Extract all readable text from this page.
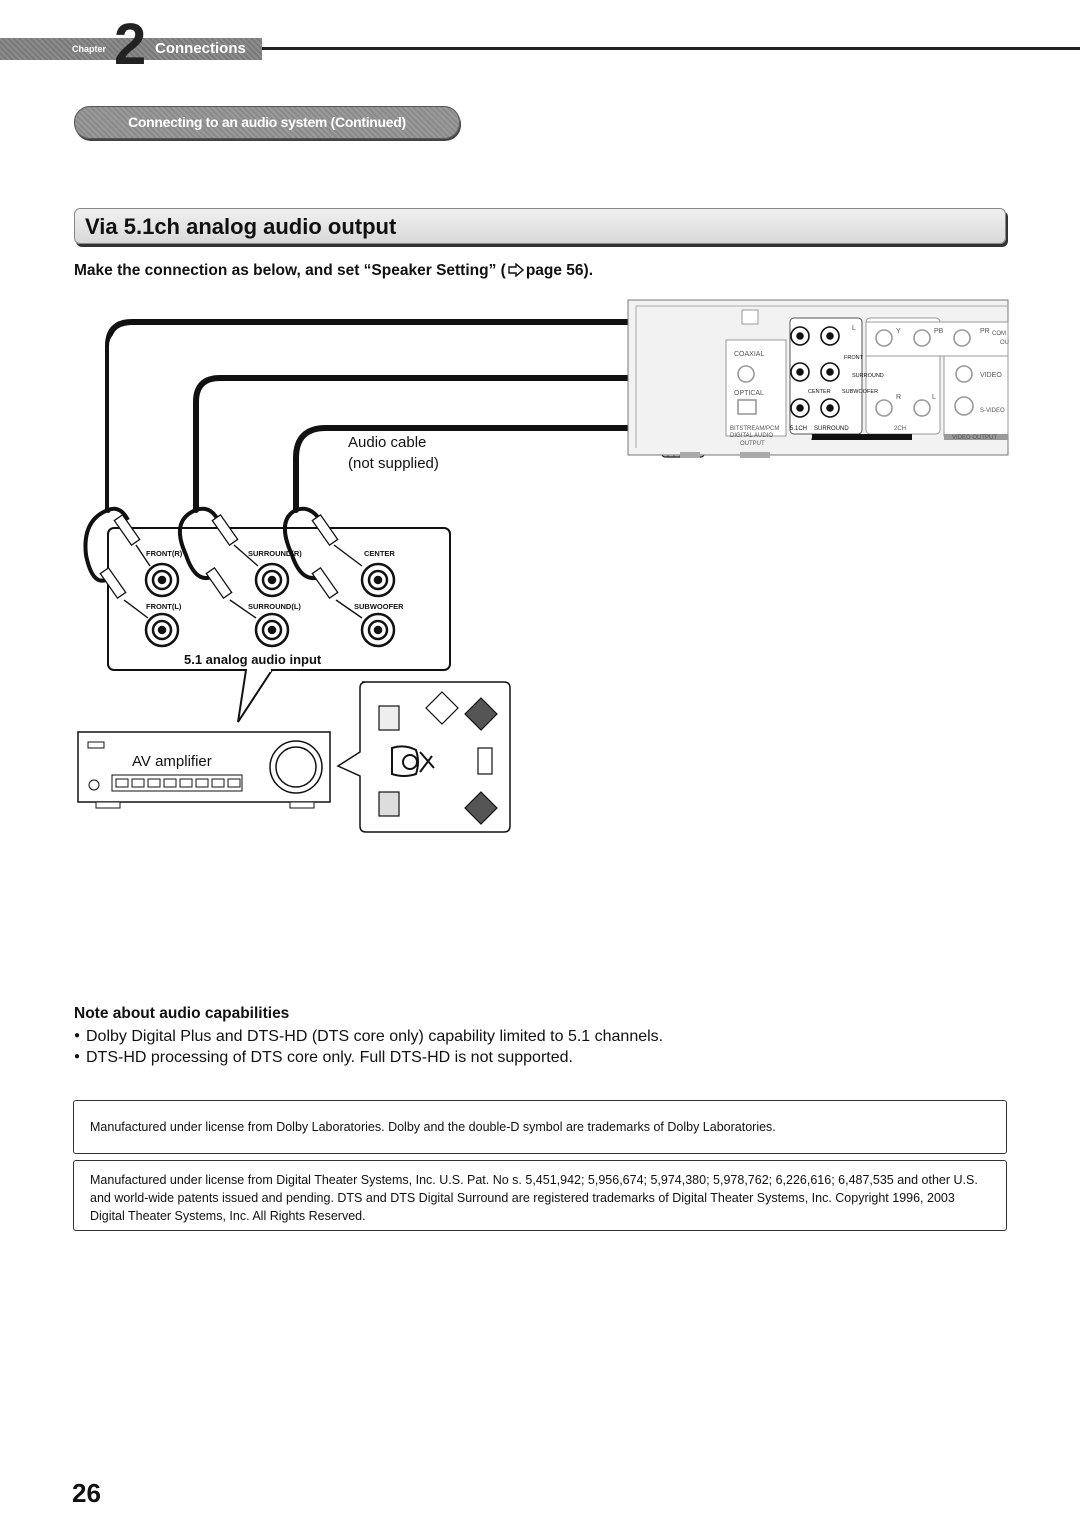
Chapter 2 Connections
Connecting to an audio system (Continued)
Via 5.1ch analog audio output
Make the connection as below, and set “Speaker Setting” ( page 56).
L	Y	PB	PR COM
OU
COAXIAL	FRONT
SURROUND	VIDEO
OPTICAL	CENTER SUBWOOFER
R	L
S-VIDEO
BITSTREAM/PCM
DIGITAL AUDIO
OUTPUT
5.1CH SURROUND	2CH
ANALOG AUDIO OUTPUT	VIDEO OUTPUT
Audio cable
(not supplied)
FRONT(R)	SURROUND(R)	CENTER
FRONT(L)	SURROUND(L)	SUBWOOFER
5.1 analog audio input
AV amplifier
Note about audio capabilities
● Dolby Digital Plus and DTS-HD (DTS core only) capability limited to 5.1 channels.
● DTS-HD processing of DTS core only. Full DTS-HD is not supported.
Manufactured under license from Dolby Laboratories. Dolby and the double-D symbol are trademarks of Dolby Laboratories.
Manufactured under license from Digital Theater Systems, Inc. U.S. Pat. No s. 5,451,942; 5,956,674; 5,974,380; 5,978,762; 6,226,616; 6,487,535 and other U.S. and world-wide patents issued and pending. DTS and DTS Digital Surround are registered trademarks of Digital Theater Systems, Inc. Copyright 1996, 2003 Digital Theater Systems, Inc. All Rights Reserved.
26
